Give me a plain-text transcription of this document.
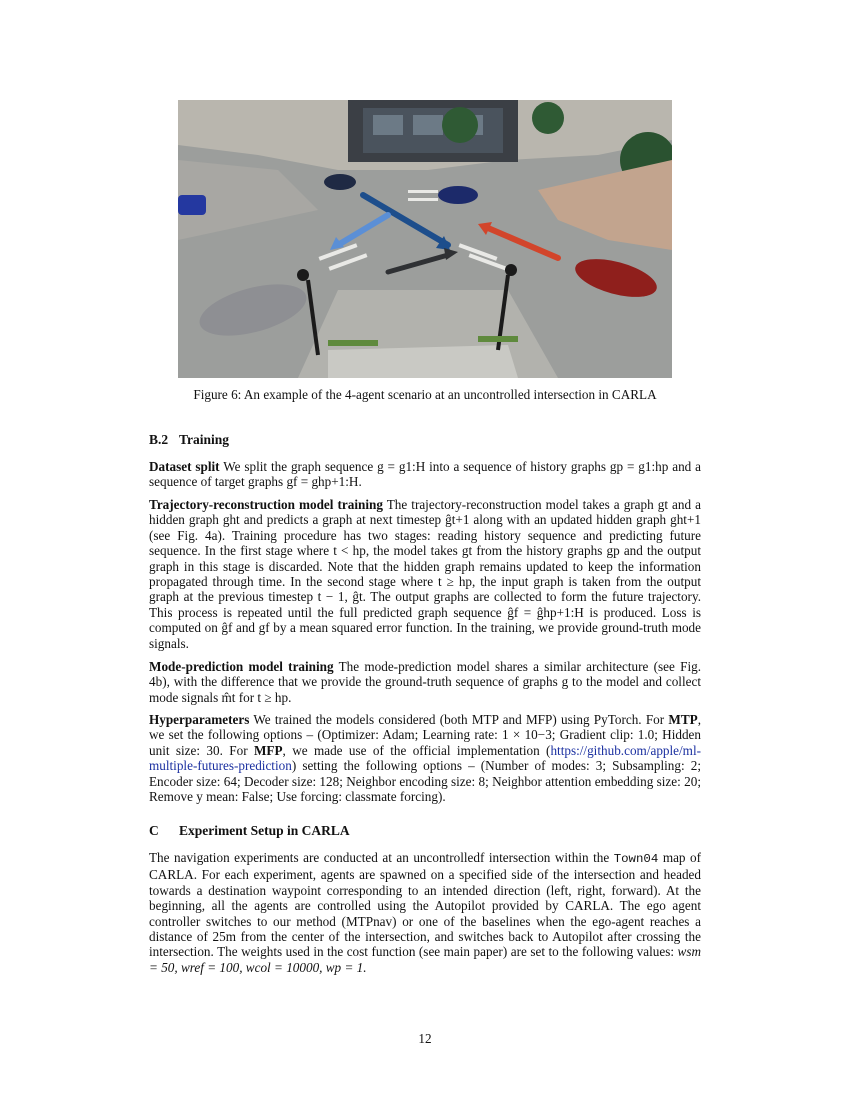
Figure 6: An example of the 4-agent scenario at an uncontrolled intersection in CARLA
B.2 Training
Dataset split We split the graph sequence g = g1:H into a sequence of history graphs gp = g1:hp and a sequence of target graphs gf = ghp+1:H.
Trajectory-reconstruction model training The trajectory-reconstruction model takes a graph gt and a hidden graph ght and predicts a graph at next timestep ĝt+1 along with an updated hidden graph ght+1 (see Fig. 4a). Training procedure has two stages: reading history sequence and predicting future sequence. In the first stage where t < hp, the model takes gt from the history graphs gp and the output graph in this stage is discarded. Note that the hidden graph remains updated to keep the information propagated through time. In the second stage where t ≥ hp, the input graph is taken from the output graph at the previous timestep t − 1, ĝt. The output graphs are collected to form the future trajectory. This process is repeated until the full predicted graph sequence ĝf = ĝhp+1:H is produced. Loss is computed on ĝf and gf by a mean squared error function. In the training, we provide ground-truth mode signals.
Mode-prediction model training The mode-prediction model shares a similar architecture (see Fig. 4b), with the difference that we provide the ground-truth sequence of graphs g to the model and collect mode signals m̂t for t ≥ hp.
Hyperparameters We trained the models considered (both MTP and MFP) using PyTorch. For MTP, we set the following options – (Optimizer: Adam; Learning rate: 1 × 10−3; Gradient clip: 1.0; Hidden unit size: 30. For MFP, we made use of the official implementation (https://github.com/apple/ml-multiple-futures-prediction) setting the following options – (Number of modes: 3; Subsampling: 2; Encoder size: 64; Decoder size: 128; Neighbor encoding size: 8; Neighbor attention embedding size: 20; Remove y mean: False; Use forcing: classmate forcing).
C Experiment Setup in CARLA
The navigation experiments are conducted at an uncontrolledf intersection within the Town04 map of CARLA. For each experiment, agents are spawned on a specified side of the intersection and headed towards a destination waypoint corresponding to an intended direction (left, right, forward). At the beginning, all the agents are controlled using the Autopilot provided by CARLA. The ego agent controller switches to our method (MTPnav) or one of the baselines when the ego-agent reaches a distance of 25m from the center of the intersection, and switches back to Autopilot after crossing the intersection. The weights used in the cost function (see main paper) are set to the following values: wsm = 50, wref = 100, wcol = 10000, wp = 1.
12
